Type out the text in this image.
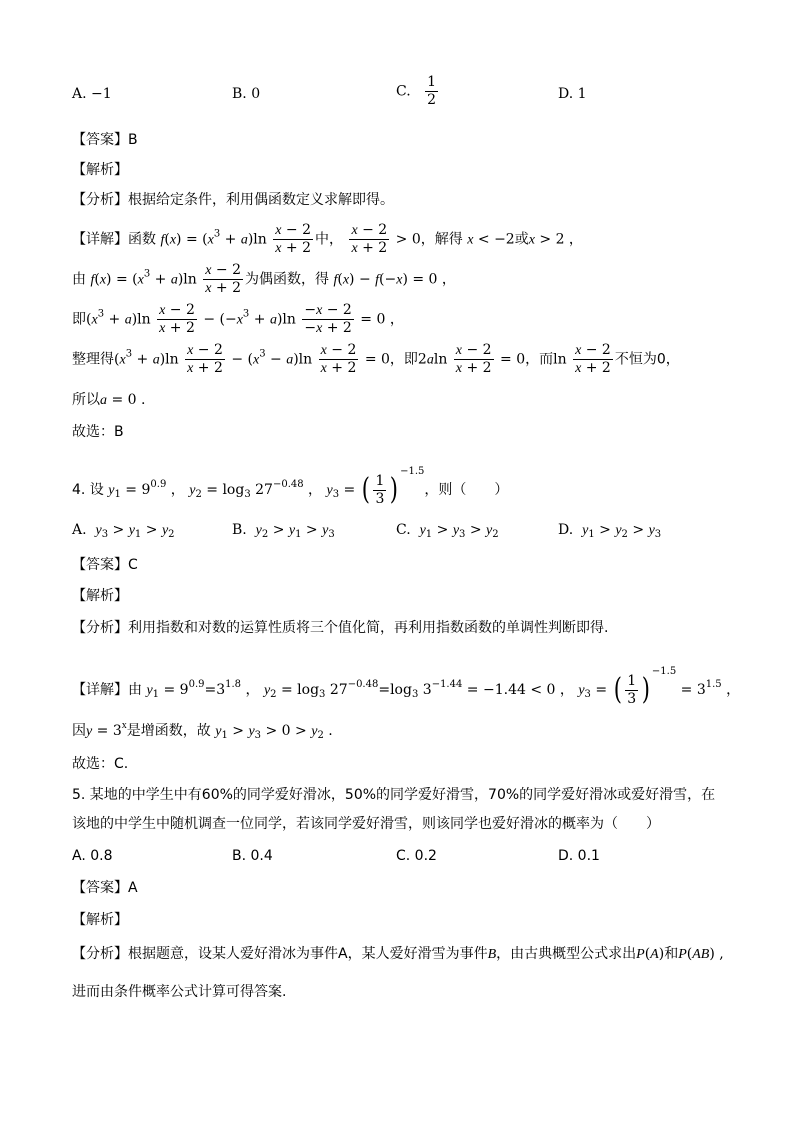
A. −1	B. 0	C. $\frac{1}{2}$	D. 1
【答案】B
【解析】
【分析】根据给定条件，利用偶函数定义求解即得。
【详解】函数 $f(x) = (x^3 + a)\ln \frac{x - 2}{x + 2}$ 中， $\frac{x - 2}{x + 2} > 0$，解得 x < −2或x > 2 ，
由 $f(x) = (x^3 + a)\ln \frac{x - 2}{x + 2}$ 为偶函数，得 f(x) − f(−x) = 0 ，
即$(x^3 + a)\ln \frac{x - 2}{x + 2} - (-x^3 + a)\ln \frac{-x - 2}{-x + 2} = 0$ ，
整理得$(x^3 + a)\ln \frac{x - 2}{x + 2} - (x^3 - a)\ln \frac{x - 2}{x + 2} = 0$，即$2aln \frac{x - 2}{x + 2} = 0$，而$\ln \frac{x - 2}{x + 2}$ 不恒为0，
所以a = 0 .
故选：B
4. 设 $y_1 = 9^{0.9}$ ， $y_2 = \log_3 27^{-0.48}$ ， $y_3$ = ( $\frac{1}{3} )^{-1.5}$，则（　　）
A. $y_3 > y_1 > y_2$	B. $y_2 > y_1 > y_3$	C. $y_1 > y_3 > y_2$	D. $y_1 > y_2 > y_3$
【答案】C
【解析】
【分析】利用指数和对数的运算性质将三个值化简，再利用指数函数的单调性判断即得.
【详解】由 $y_1 = 9^{0.9}=3^{1.8}$ ， $y_2 = \log_3 27^{-0.48}=\log_3$ $3^{-1.44} = -1.44 < 0$ ， $y_3$ = ( $\frac{1}{3} )^{-1.5} = 3^{1.5}$ ，
因$y = 3^x$是增函数，故 $y_1 > y_3 > 0 > y_2$ .
故选：C.
5. 某地的中学生中有60%的同学爱好滑冰，50%的同学爱好滑雪，70%的同学爱好滑冰或爱好滑雪，在
该地的中学生中随机调查一位同学，若该同学爱好滑雪，则该同学也爱好滑冰的概率为（　　）
A. 0.8	B. 0.4	C. 0.2	D. 0.1
【答案】A
【解析】
【分析】根据题意，设某人爱好滑冰为事件A，某人爱好滑雪为事件B，由古典概型公式求出P(A)和P(AB) ,
进而由条件概率公式计算可得答案.
